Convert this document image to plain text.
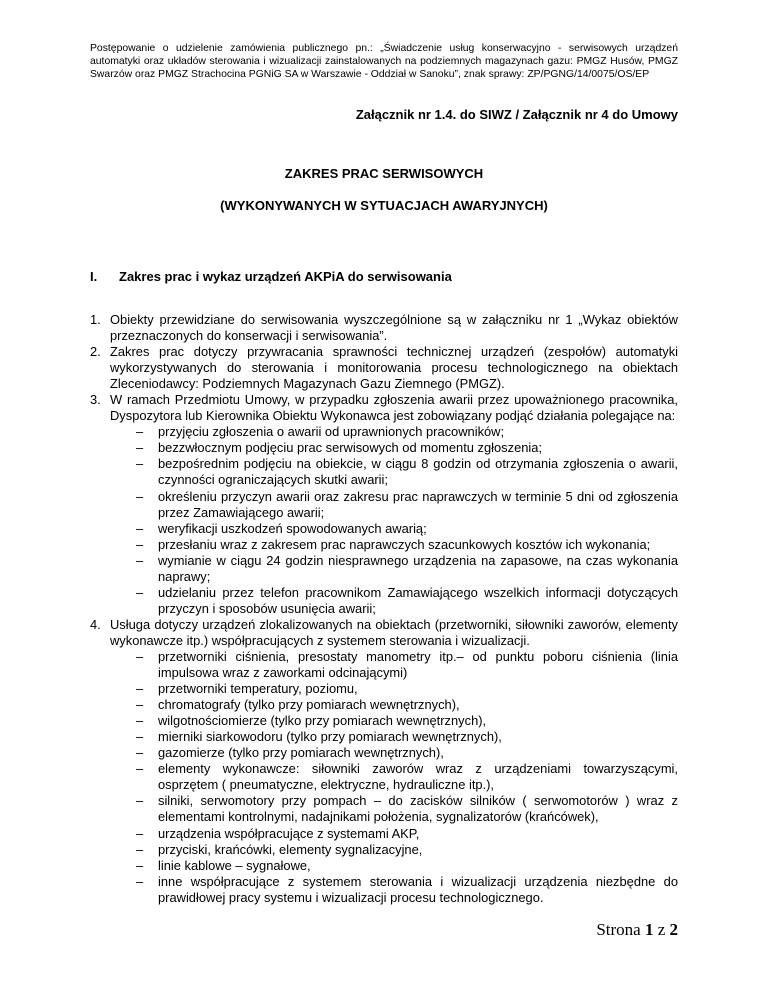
Postępowanie o udzielenie zamówienia publicznego pn.: „Świadczenie usług konserwacyjno - serwisowych urządzeń
automatyki oraz układów sterowania i wizualizacji zainstalowanych na podziemnych magazynach gazu: PMGZ Husów, PMGZ
Swarzów oraz PMGZ Strachocina PGNiG SA w Warszawie - Oddział w Sanoku”, znak sprawy: ZP/PGNG/14/0075/OS/EP
Załącznik nr 1.4. do SIWZ / Załącznik nr 4 do Umowy
ZAKRES PRAC SERWISOWYCH
(WYKONYWANYCH W SYTUACJACH AWARYJNYCH)
I. Zakres prac i wykaz urządzeń AKPiA do serwisowania
1. Obiekty przewidziane do serwisowania wyszczególnione są w załączniku nr 1 „Wykaz obiektów przeznaczonych do konserwacji i serwisowania”.
2. Zakres prac dotyczy przywracania sprawności technicznej urządzeń (zespołów) automatyki wykorzystywanych do sterowania i monitorowania procesu technologicznego na obiektach Zleceniodawcy: Podziemnych Magazynach Gazu Ziemnego (PMGZ).
3. W ramach Przedmiotu Umowy, w przypadku zgłoszenia awarii przez upoważnionego pracownika, Dyspozytora lub Kierownika Obiektu Wykonawca jest zobowiązany podjąć działania polegające na:
– przyjęciu zgłoszenia o awarii od uprawnionych pracowników;
– bezzwłocznym podjęciu prac serwisowych od momentu zgłoszenia;
– bezpośrednim podjęciu na obiekcie, w ciągu 8 godzin od otrzymania zgłoszenia o awarii, czynności ograniczających skutki awarii;
– określeniu przyczyn awarii oraz zakresu prac naprawczych w terminie 5 dni od zgłoszenia przez Zamawiającego awarii;
– weryfikacji uszkodzeń spowodowanych awarią;
– przesłaniu wraz z zakresem prac naprawczych szacunkowych kosztów ich wykonania;
– wymianie w ciągu 24 godzin niesprawnego urządzenia na zapasowe, na czas wykonania naprawy;
– udzielaniu przez telefon pracownikom Zamawiającego wszelkich informacji dotyczących przyczyn i sposobów usunięcia awarii;
4. Usługa dotyczy urządzeń zlokalizowanych na obiektach (przetworniki, siłowniki zaworów, elementy wykonawcze itp.) współpracujących z systemem sterowania i wizualizacji.
– przetworniki ciśnienia, presostaty manometry itp.– od punktu poboru ciśnienia (linia impulsowa wraz z zaworkami odcinającymi)
– przetworniki temperatury, poziomu,
– chromatografy (tylko przy pomiarach wewnętrznych),
– wilgotnościomierze (tylko przy pomiarach wewnętrznych),
– mierniki siarkowodoru (tylko przy pomiarach wewnętrznych),
– gazomierze (tylko przy pomiarach wewnętrznych),
– elementy wykonawcze: siłowniki zaworów wraz z urządzeniami towarzyszącymi, osprzętem ( pneumatyczne, elektryczne, hydrauliczne itp.),
– silniki, serwomotory przy pompach – do zacisków silników ( serwomotorów ) wraz z elementami kontrolnymi, nadajnikami położenia, sygnalizatorów (krańcówek),
– urządzenia współpracujące z systemami AKP,
– przyciski, krańcówki, elementy sygnalizacyjne,
– linie kablowe – sygnałowe,
– inne współpracujące z systemem sterowania i wizualizacji urządzenia niezbędne do prawidłowej pracy systemu i wizualizacji procesu technologicznego.
Strona 1 z 2
